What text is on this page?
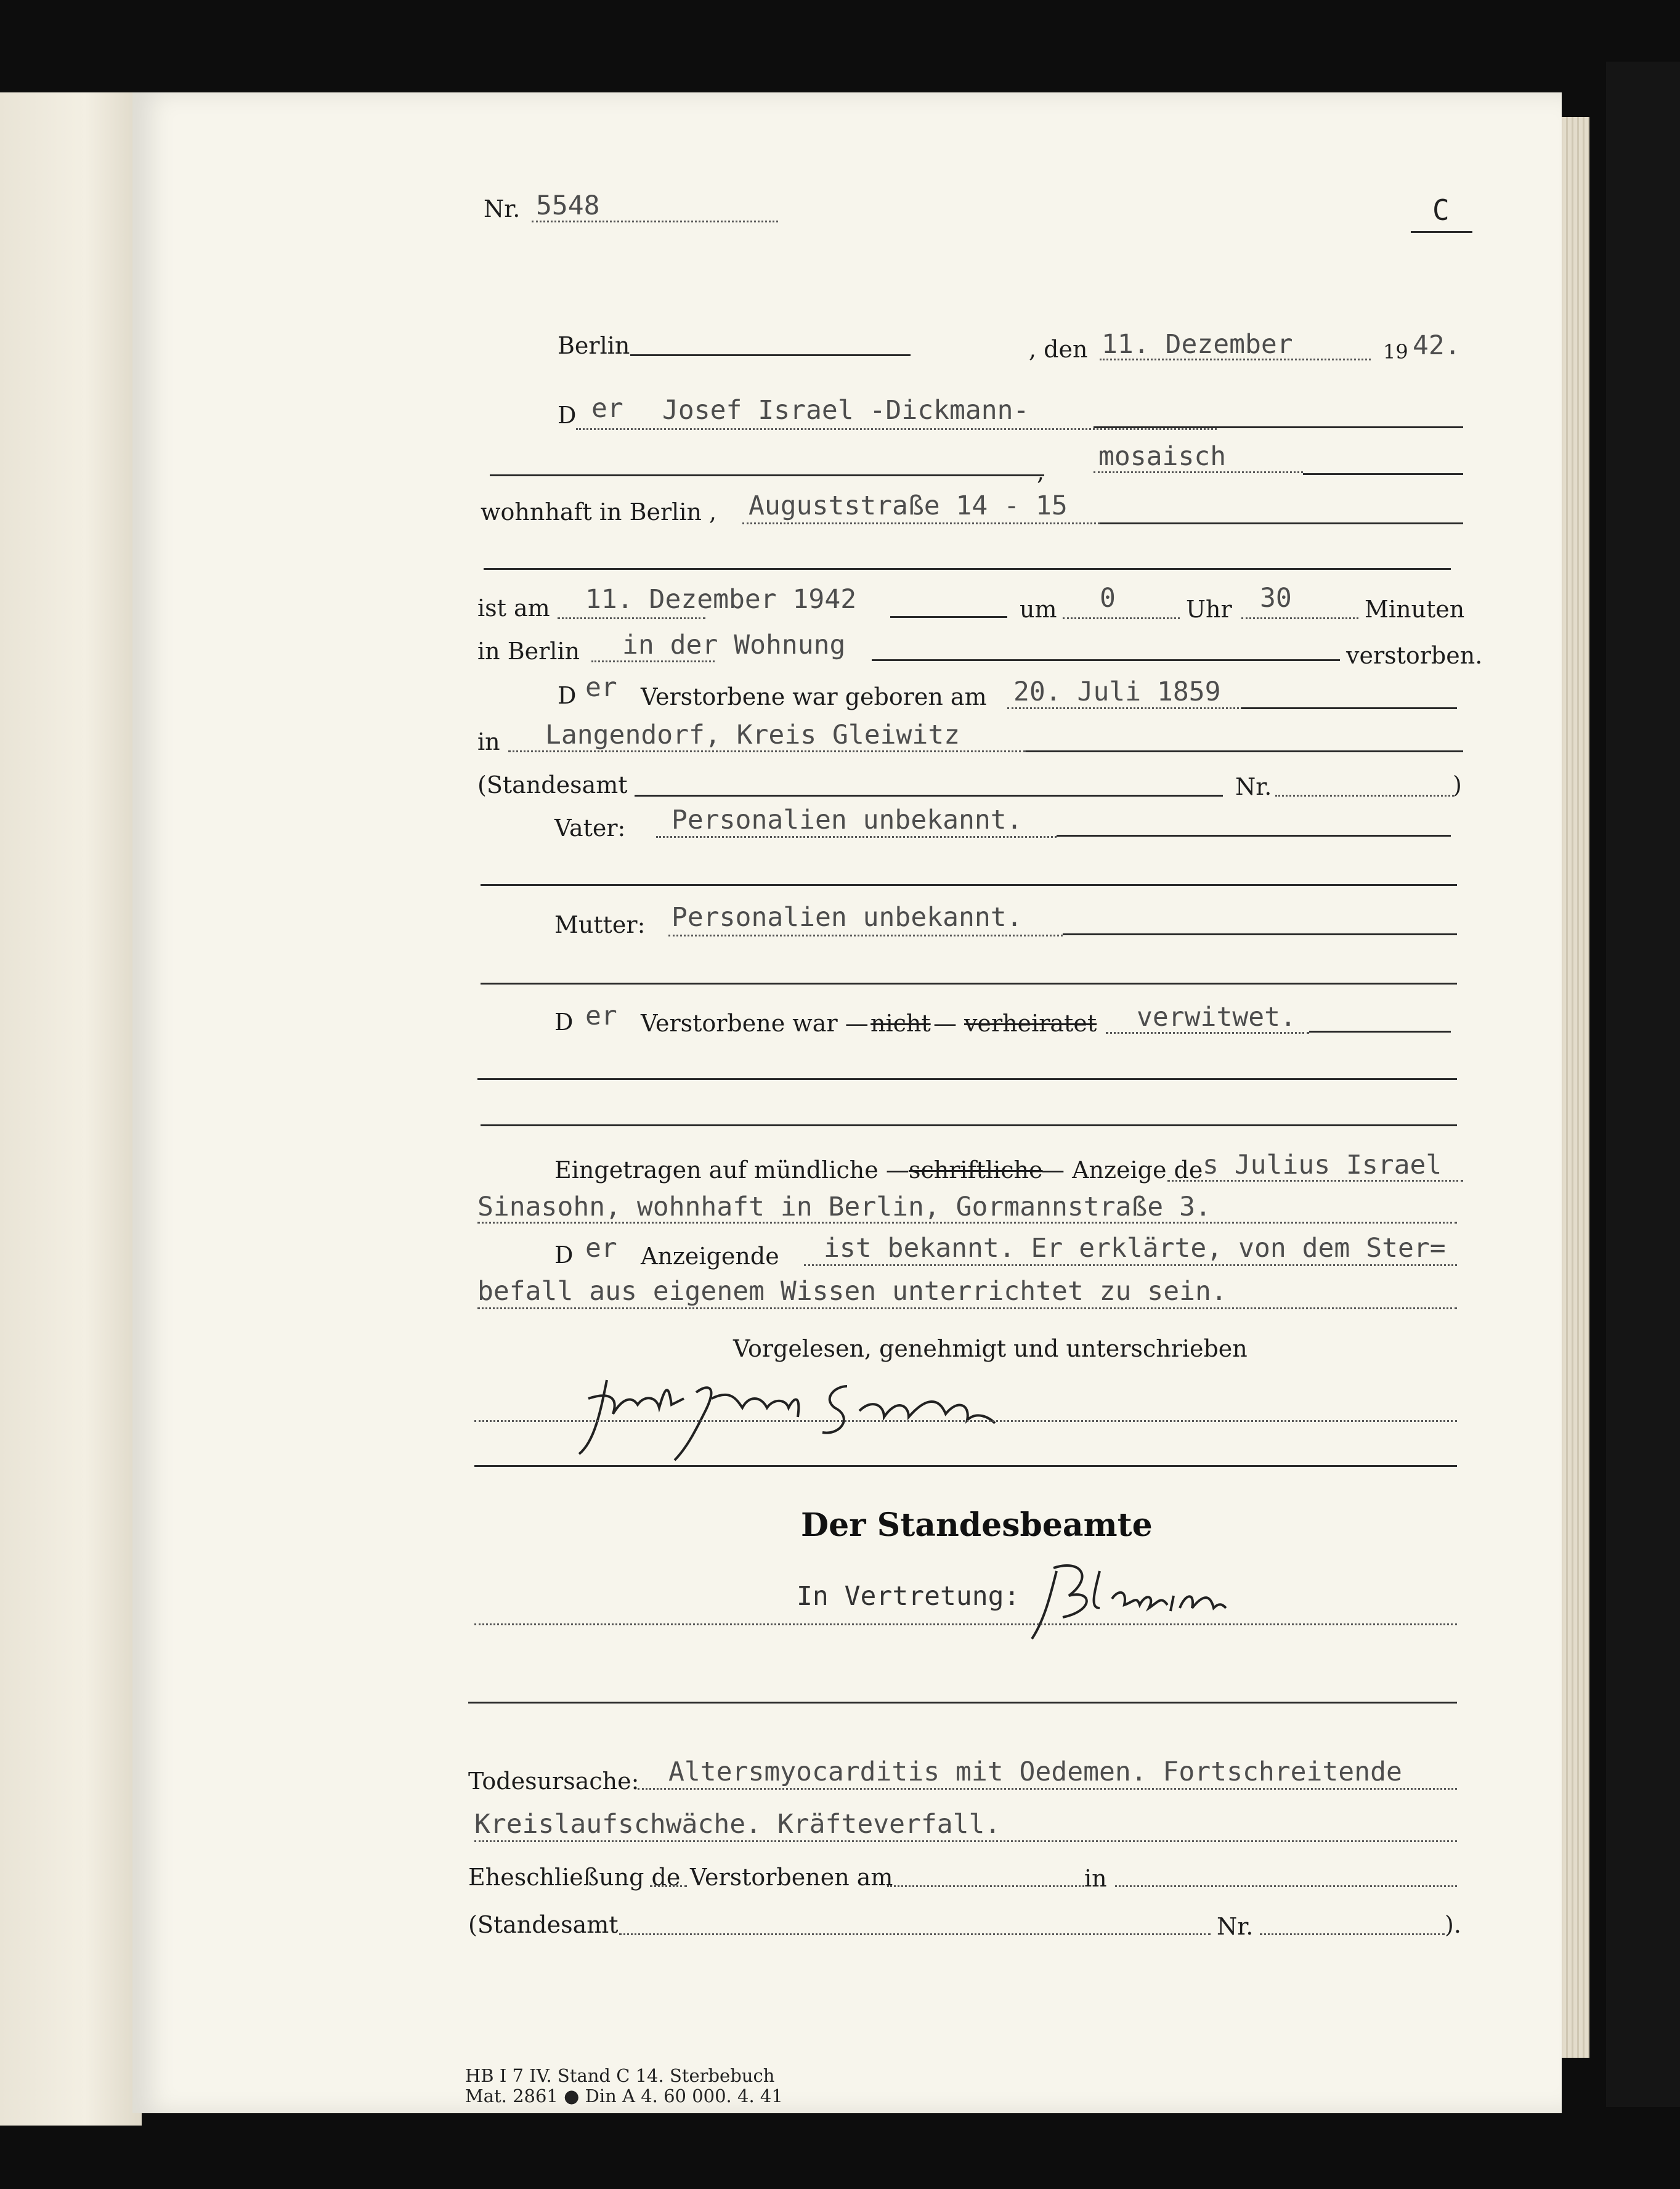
Nr. 5548	C
Berlin	, den 11. Dezember	19 42.
D er Josef Israel -Dickmann-
, mosaisch
wohnhaft in Berlin , Auguststraße 14 - 15
ist am 11. Dezember 1942	um 0	Uhr 30	Minuten
in Berlin in der Wohnung	verstorben.
D er Verstorbene war geboren am 20. Juli 1859
in Langendorf, Kreis Gleiwitz
(Standesamt	Nr.	)
Vater: Personalien unbekannt.
Mutter: Personalien unbekannt.
D er Verstorbene war — nicht — verheiratet verwitwet.
Eingetragen auf mündliche — schriftliche
— Anzeige de s Julius Israel
Sinasohn, wohnhaft in Berlin, Gormannstraße 3.
D er Anzeigende ist bekannt. Er erklärte, von dem Ster=
befall aus eigenem Wissen unterrichtet zu sein.
Vorgelesen, genehmigt und unterschrieben
Der Standesbeamte
In Vertretung:
Todesursache: Altersmyocarditis mit Oedemen. Fortschreitende
Kreislaufschwäche. Kräfteverfall.
Eheschließung de Verstorbenen am	in
(Standesamt	Nr.	).
HB I 7 IV. Stand C 14. Sterbebuch
Mat. 2861 ● Din A 4. 60 000. 4. 41
